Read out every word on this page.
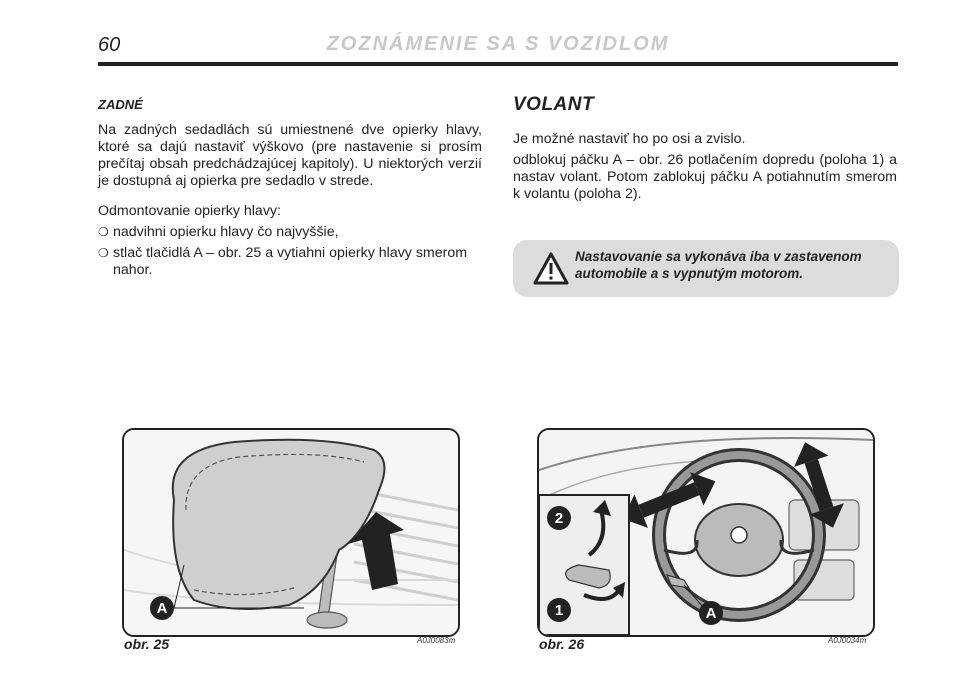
60	ZOZNÁMENIE SA S VOZIDLOM
ZADNÉ

Na zadných sedadlách sú umiestnené dve opierky hlavy, ktoré sa dajú nastaviť výškovo (pre nastavenie si prosím prečítaj obsah predchádzajúcej kapitoly). U niektorých verzií je dostupná aj opierka pre sedadlo v strede.

Odmontovanie opierky hlavy:

❍ nadvihni opierku hlavy čo najvyššie,
❍ stlač tlačidlá A – obr. 25 a vytiahni opierky hlavy smerom nahor.
VOLANT

Je možné nastaviť ho po osi a zvislo.

odblokuj páčku A – obr. 26 potlačením dopredu (poloha 1) a nastav volant. Potom zablokuj páčku A potiahnutím smerom k volantu (poloha 2).

Nastavovanie sa vykonáva iba v zastavenom automobile a s vypnutým motorom.
A
obr. 25	A0J0083m
2
1	A
obr. 26	A0J0034m
